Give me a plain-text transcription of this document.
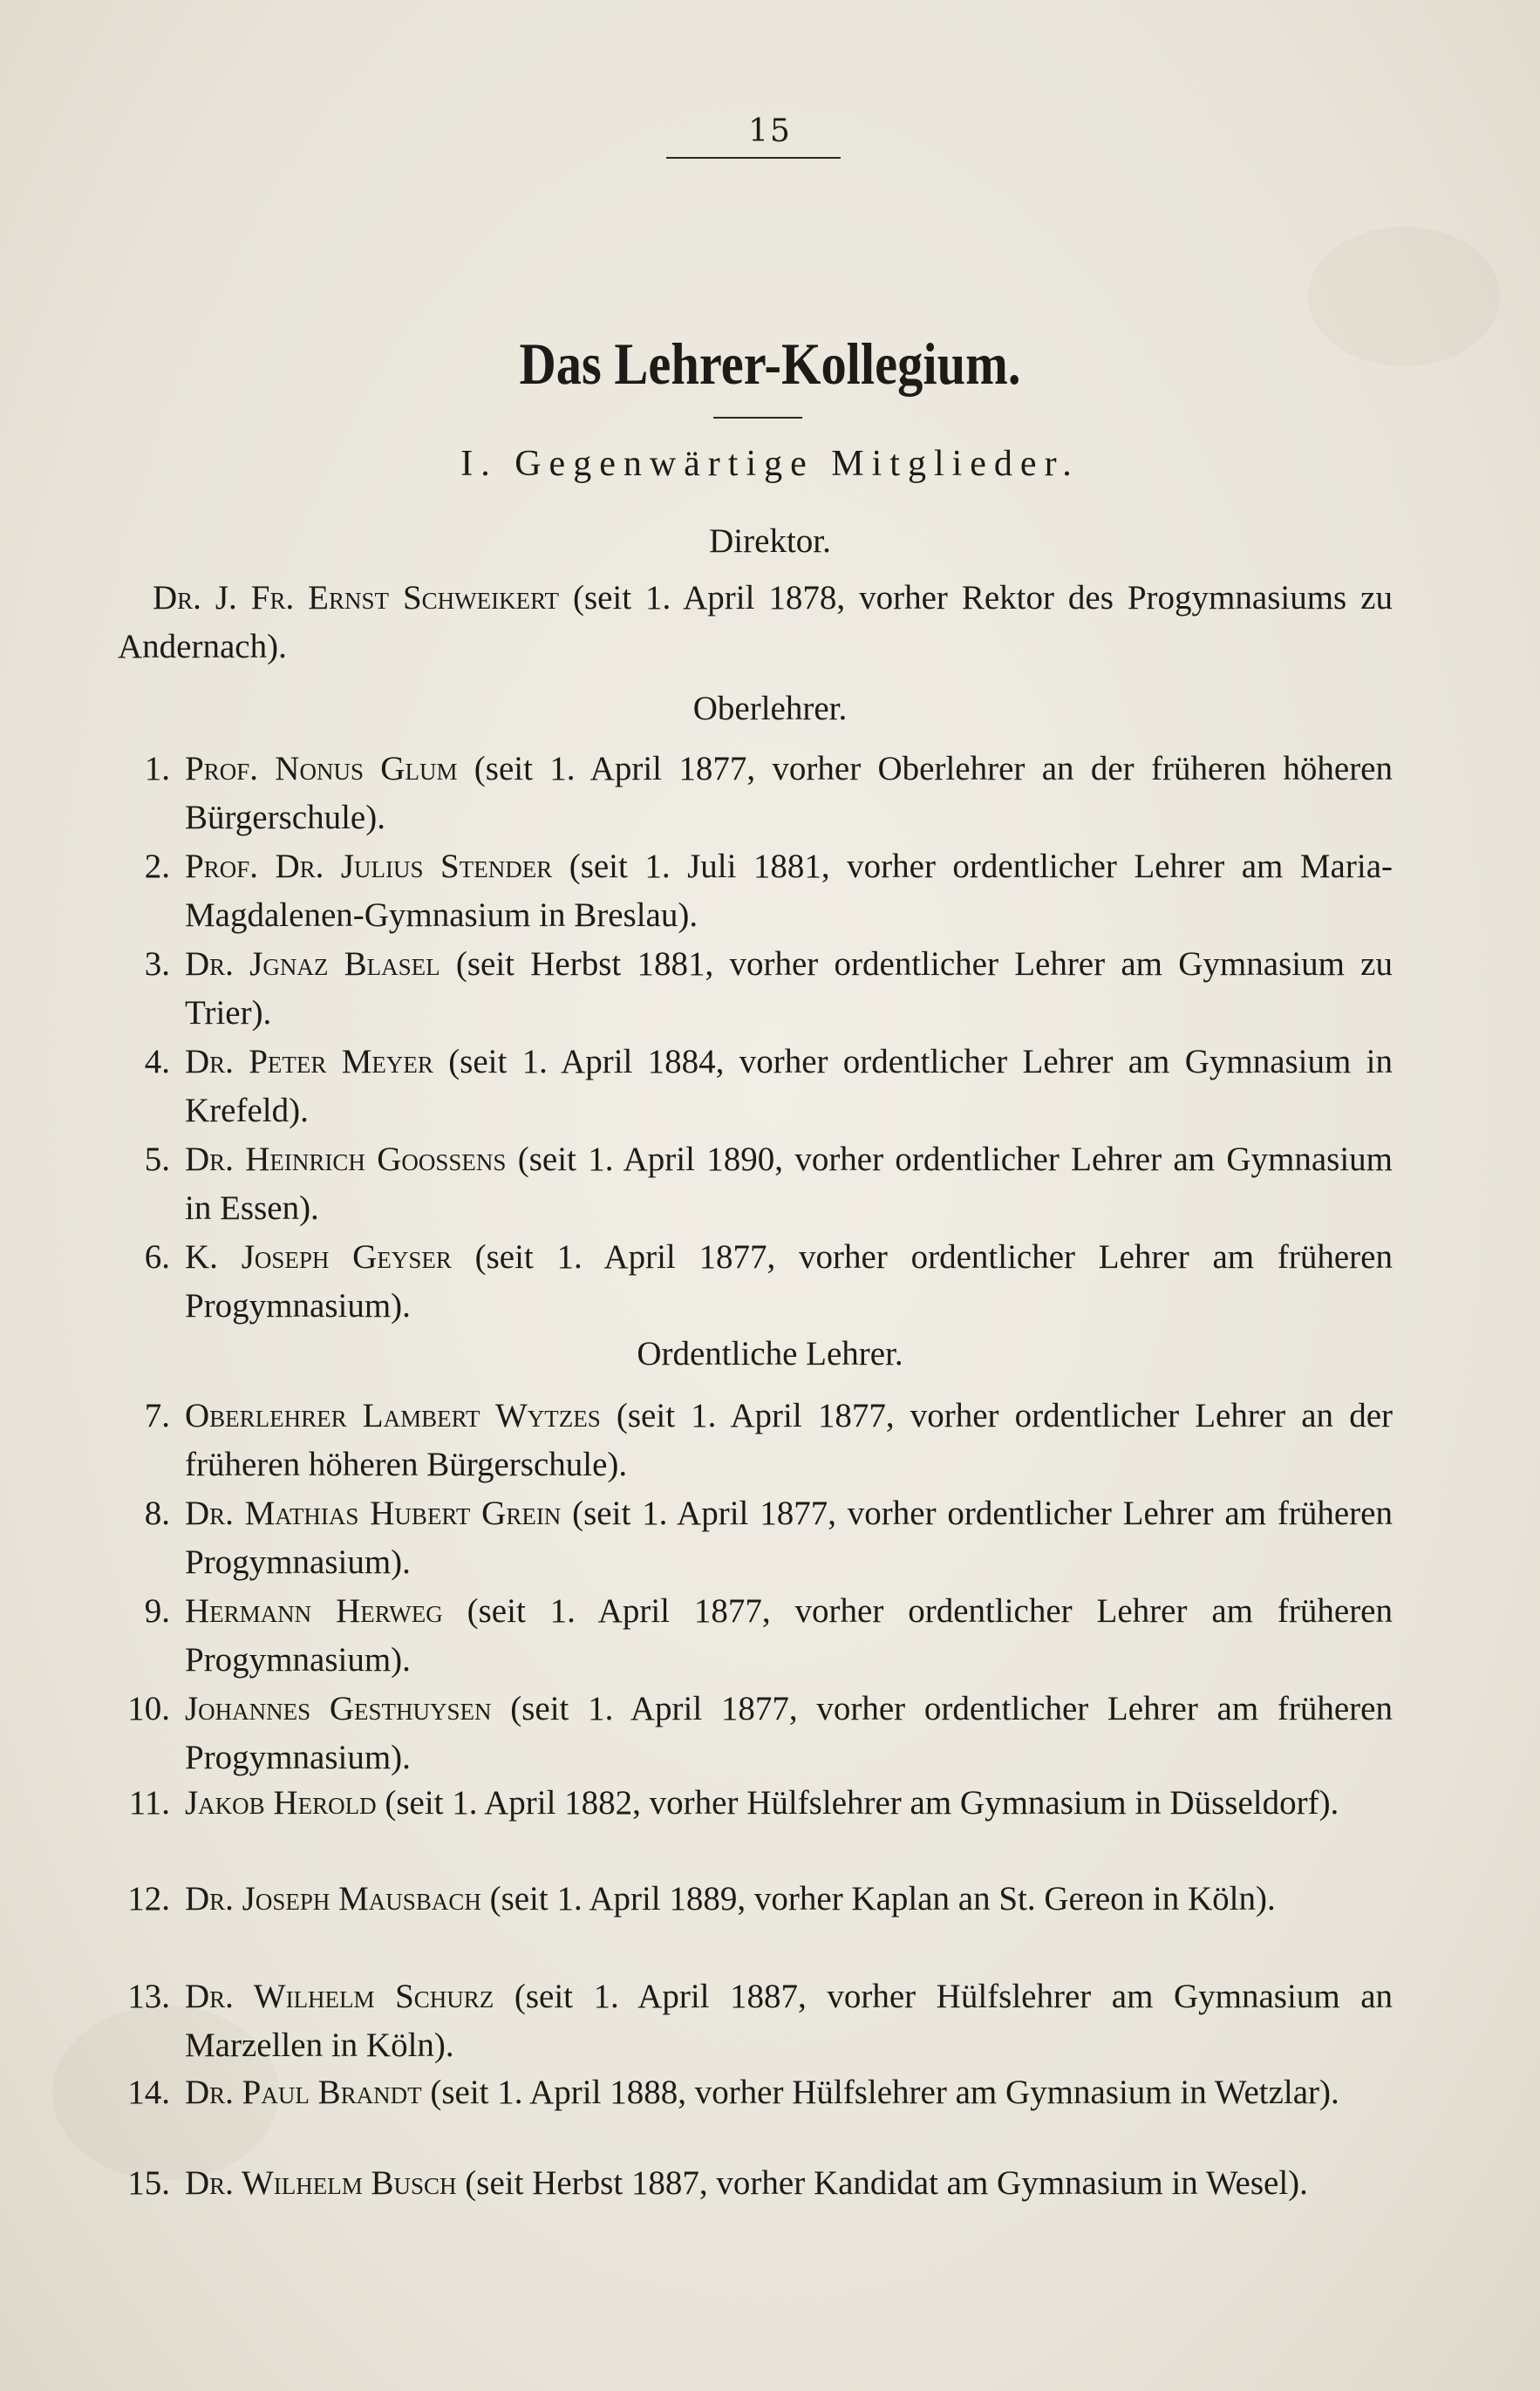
15
Das Lehrer-Kollegium.
I. Gegenwärtige Mitglieder.
Direktor.
Dr. J. Fr. Ernst Schweikert (seit 1. April 1878, vorher Rektor des Progymnasiums zu Andernach).
Oberlehrer.
1. Prof. Nonus Glum (seit 1. April 1877, vorher Oberlehrer an der früheren höheren Bürgerschule).
2. Prof. Dr. Julius Stender (seit 1. Juli 1881, vorher ordentlicher Lehrer am Maria-Magdalenen-Gymnasium in Breslau).
3. Dr. Jgnaz Blasel (seit Herbst 1881, vorher ordentlicher Lehrer am Gymnasium zu Trier).
4. Dr. Peter Meyer (seit 1. April 1884, vorher ordentlicher Lehrer am Gymnasium in Krefeld).
5. Dr. Heinrich Goossens (seit 1. April 1890, vorher ordentlicher Lehrer am Gymnasium in Essen).
6. K. Joseph Geyser (seit 1. April 1877, vorher ordentlicher Lehrer am früheren Progymnasium).
Ordentliche Lehrer.
7. Oberlehrer Lambert Wytzes (seit 1. April 1877, vorher ordentlicher Lehrer an der früheren höheren Bürgerschule).
8. Dr. Mathias Hubert Grein (seit 1. April 1877, vorher ordentlicher Lehrer am früheren Progymnasium).
9. Hermann Herweg (seit 1. April 1877, vorher ordentlicher Lehrer am früheren Progymnasium).
10. Johannes Gesthuysen (seit 1. April 1877, vorher ordentlicher Lehrer am früheren Progymnasium).
11. Jakob Herold (seit 1. April 1882, vorher Hülfslehrer am Gymnasium in Düsseldorf).
12. Dr. Joseph Mausbach (seit 1. April 1889, vorher Kaplan an St. Gereon in Köln).
13. Dr. Wilhelm Schurz (seit 1. April 1887, vorher Hülfslehrer am Gymnasium an Marzellen in Köln).
14. Dr. Paul Brandt (seit 1. April 1888, vorher Hülfslehrer am Gymnasium in Wetzlar).
15. Dr. Wilhelm Busch (seit Herbst 1887, vorher Kandidat am Gymnasium in Wesel).
